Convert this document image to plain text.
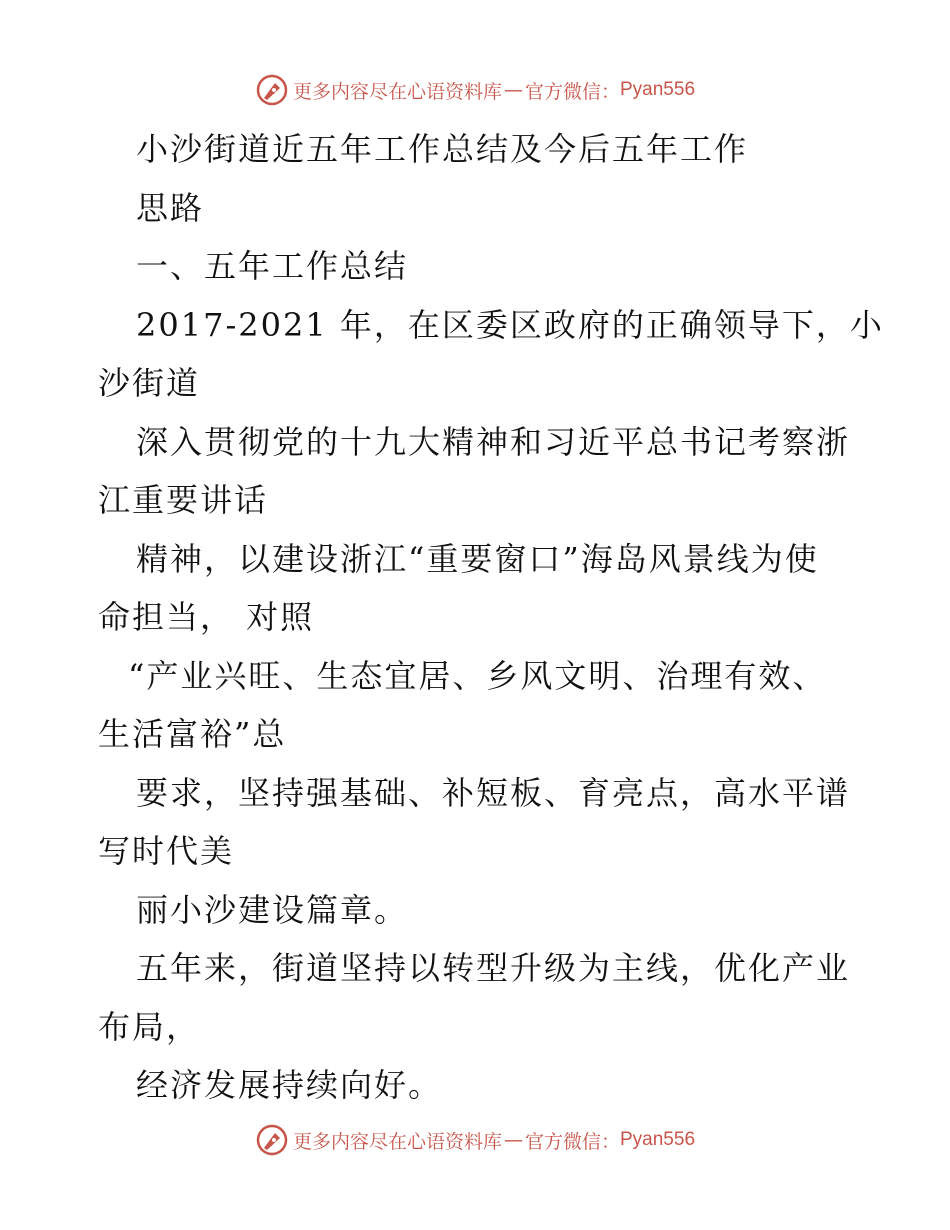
更多内容尽在心语资料库 — 官方微信： Pyan556
小沙街道近五年工作总结及今后五年工作
思路
一、五年工作总结
2017-2021 年，在区委区政府的正确领导下，小
沙街道
深入贯彻党的十九大精神和习近平总书记考察浙
江重要讲话
精神，以建设浙江“重要窗口”海岛风景线为使
命担当， 对照
“产业兴旺、生态宜居、乡风文明、治理有效、
生活富裕”总
要求，坚持强基础、补短板、育亮点，高水平谱
写时代美
丽小沙建设篇章。
五年来，街道坚持以转型升级为主线，优化产业
布局，
经济发展持续向好。
更多内容尽在心语资料库 — 官方微信： Pyan556
